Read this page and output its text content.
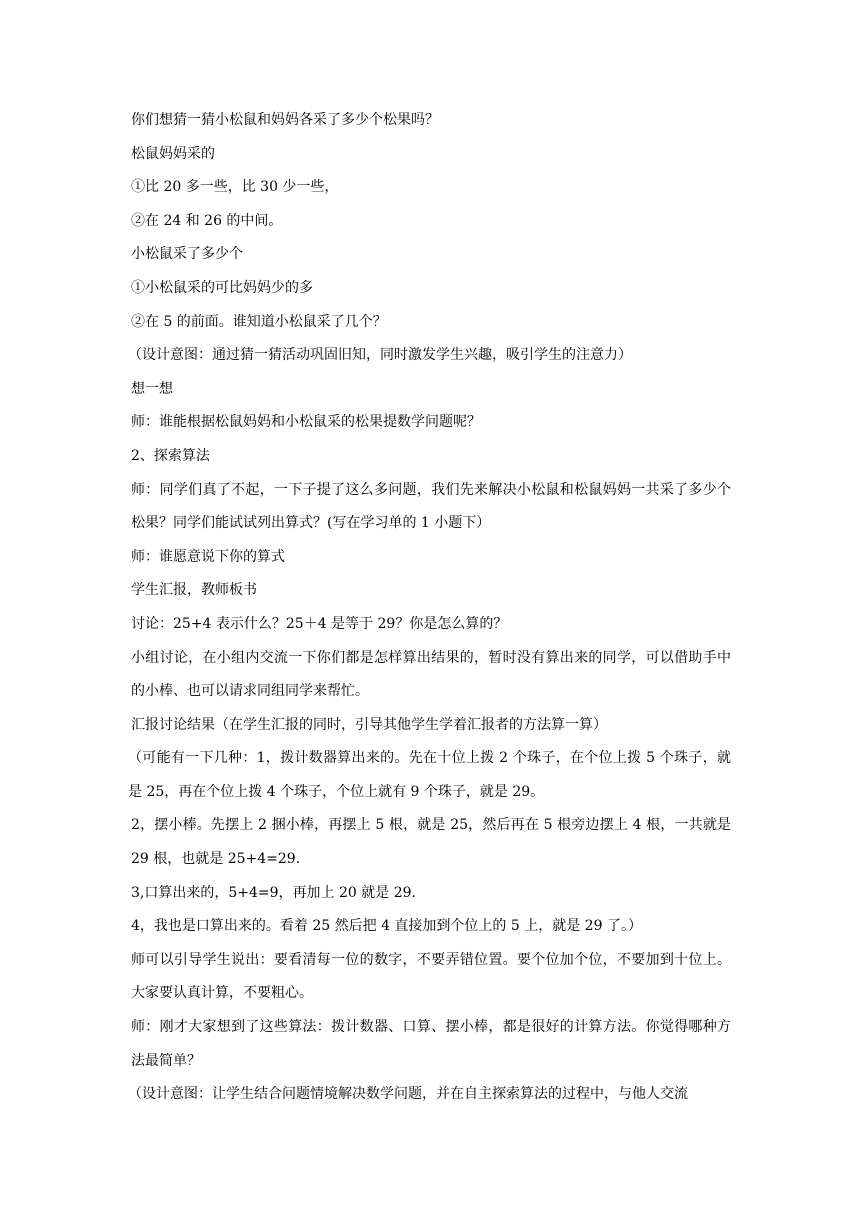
你们想猜一猜小松鼠和妈妈各采了多少个松果吗？

松鼠妈妈采的

①比 20 多一些，比 30 少一些，

②在 24 和 26 的中间。

小松鼠采了多少个

①小松鼠采的可比妈妈少的多

②在 5 的前面。谁知道小松鼠采了几个？

（设计意图：通过猜一猜活动巩固旧知，同时激发学生兴趣，吸引学生的注意力）

想一想

师：谁能根据松鼠妈妈和小松鼠采的松果提数学问题呢？

2、探索算法

师：同学们真了不起，一下子提了这么多问题，我们先来解决小松鼠和松鼠妈妈一共采了多少个松果？同学们能试试列出算式？(写在学习单的 1 小题下）

师：谁愿意说下你的算式

学生汇报，教师板书

讨论：25+4 表示什么？25＋4 是等于 29？你是怎么算的？

小组讨论，在小组内交流一下你们都是怎样算出结果的，暂时没有算出来的同学，可以借助手中的小棒、也可以请求同组同学来帮忙。

汇报讨论结果（在学生汇报的同时，引导其他学生学着汇报者的方法算一算）

（可能有一下几种：1，拨计数器算出来的。先在十位上拨 2 个珠子，在个位上拨 5 个珠子，就是 25，再在个位上拨 4 个珠子，个位上就有 9 个珠子，就是 29。

2，摆小棒。先摆上 2 捆小棒，再摆上 5 根，就是 25，然后再在 5 根旁边摆上 4 根，一共就是 29 根，也就是 25+4=29.

3,口算出来的，5+4=9，再加上 20 就是 29.

4，我也是口算出来的。看着 25 然后把 4 直接加到个位上的 5 上，就是 29 了。）

师可以引导学生说出：要看清每一位的数字，不要弄错位置。要个位加个位，不要加到十位上。大家要认真计算，不要粗心。

师：刚才大家想到了这些算法：拨计数器、口算、摆小棒，都是很好的计算方法。你觉得哪种方法最简单？

（设计意图：让学生结合问题情境解决数学问题，并在自主探索算法的过程中，与他人交流
